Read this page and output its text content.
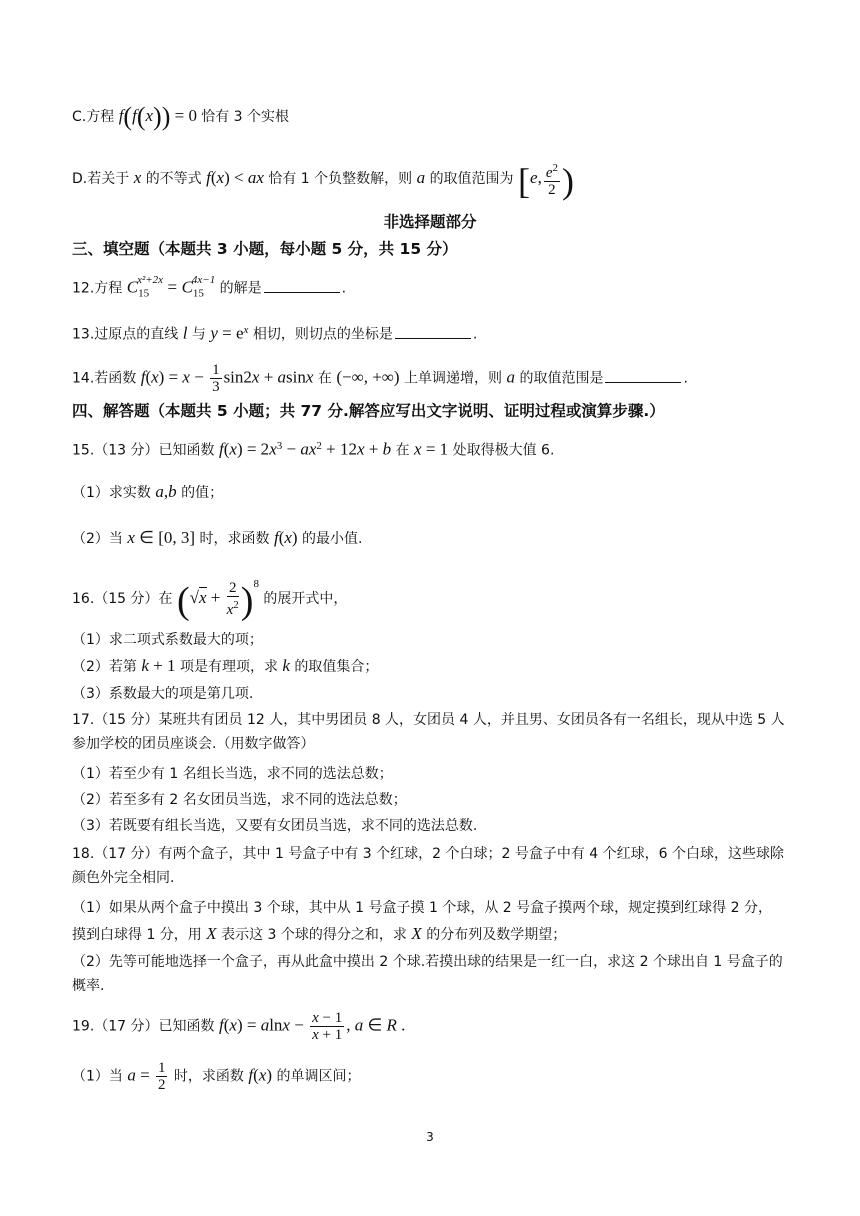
C.方程 f(f(x)) = 0 恰有 3 个实根
D.若关于 x 的不等式 f(x) < ax 恰有 1 个负整数解，则 a 的取值范围为 [e, $\frac{e^2}{2}$ )
非选择题部分
三、填空题（本题共 3 小题，每小题 5 分，共 15 分）
12.方程 $C_{15}^{x^2+2x} = C_{15}^{4x-1}$ 的解是	.
13.过原点的直线 l 与 $y = e^x$ 相切，则切点的坐标是	.
14.若函数 $f(x) = x - \frac{1}{3} \sin 2x + asinx$ 在 (−∞, +∞) 上单调递增，则 a 的取值范围是	.
四、解答题（本题共 5 小题；共 77 分.解答应写出文字说明、证明过程或演算步骤.）
15.（13 分）已知函数 $f(x) = 2x^3 - ax^2 + 12x + b$ 在 x = 1 处取得极大值 6.
（1）求实数 a,b 的值；
（2）当 x ∈ [0, 3] 时，求函数 f(x) 的最小值.
16.（15 分）在 $(√x + \frac{2}{x^2} )^8$ 的展开式中，
（1）求二项式系数最大的项；
（2）若第 k + 1 项是有理项，求 k 的取值集合；
（3）系数最大的项是第几项.
17.（15 分）某班共有团员 12 人，其中男团员 8 人，女团员 4 人，并且男、女团员各有一名组长，现从中选 5 人参加学校的团员座谈会.（用数字做答）
（1）若至少有 1 名组长当选，求不同的选法总数；
（2）若至多有 2 名女团员当选，求不同的选法总数；
（3）若既要有组长当选，又要有女团员当选，求不同的选法总数.
18.（17 分）有两个盒子，其中 1 号盒子中有 3 个红球，2 个白球；2 号盒子中有 4 个红球，6 个白球，这些球除颜色外完全相同.
（1）如果从两个盒子中摸出 3 个球，其中从 1 号盒子摸 1 个球，从 2 号盒子摸两个球，规定摸到红球得 2 分，
摸到白球得 1 分，用 X 表示这 3 个球的得分之和，求 X 的分布列及数学期望；
（2）先等可能地选择一个盒子，再从此盒中摸出 2 个球.若摸出球的结果是一红一白，求这 2 个球出自 1 号盒子的概率.
19.（17 分）已知函数 $f(x) = alnx - \frac{x - 1}{x + 1}$ , a ∈ R .
（1）当 $a = \frac{1}{2}$ 时，求函数 f(x) 的单调区间；
3
